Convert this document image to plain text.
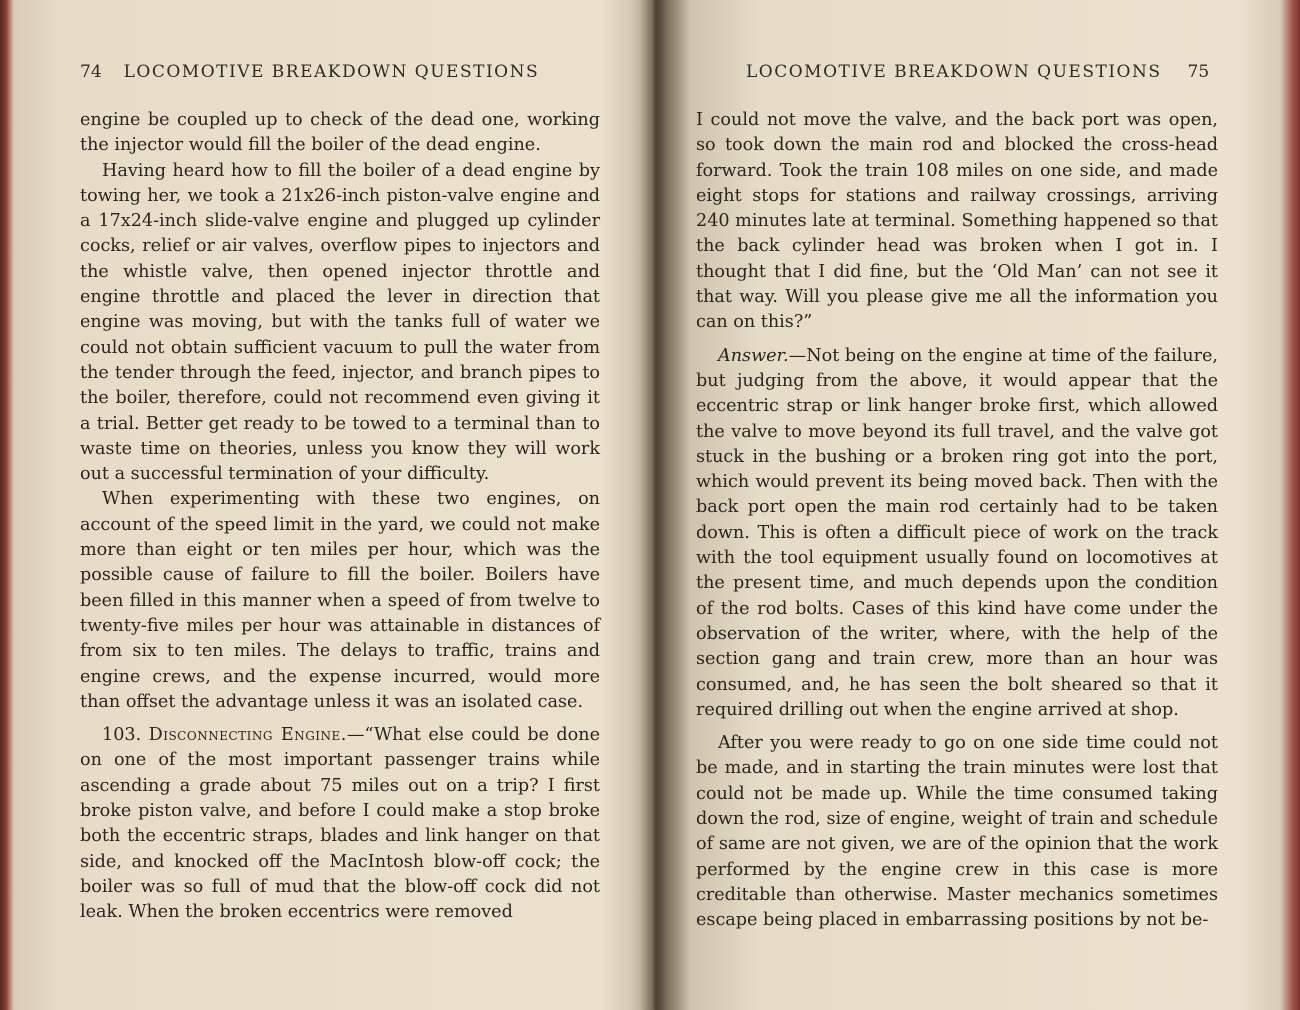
74 LOCOMOTIVE BREAKDOWN QUESTIONS

engine be coupled up to check of the dead one, working the injector would fill the boiler of the dead engine.

Having heard how to fill the boiler of a dead engine by towing her, we took a 21x26-inch piston-valve engine and a 17x24-inch slide-valve engine and plugged up cylinder cocks, relief or air valves, overflow pipes to injectors and the whistle valve, then opened injector throttle and engine throttle and placed the lever in direction that engine was moving, but with the tanks full of water we could not obtain sufficient vacuum to pull the water from the tender through the feed, injector, and branch pipes to the boiler, therefore, could not recommend even giving it a trial. Better get ready to be towed to a terminal than to waste time on theories, unless you know they will work out a successful termination of your difficulty.

When experimenting with these two engines, on account of the speed limit in the yard, we could not make more than eight or ten miles per hour, which was the possible cause of failure to fill the boiler. Boilers have been filled in this manner when a speed of from twelve to twenty-five miles per hour was attainable in distances of from six to ten miles. The delays to traffic, trains and engine crews, and the expense incurred, would more than offset the advantage unless it was an isolated case.

103. Disconnecting Engine.—“What else could be done on one of the most important passenger trains while ascending a grade about 75 miles out on a trip? I first broke piston valve, and before I could make a stop broke both the eccentric straps, blades and link hanger on that side, and knocked off the MacIntosh blow-off cock; the boiler was so full of mud that the blow-off cock did not leak. When the broken eccentrics were removed

LOCOMOTIVE BREAKDOWN QUESTIONS 75

I could not move the valve, and the back port was open, so took down the main rod and blocked the cross-head forward. Took the train 108 miles on one side, and made eight stops for stations and railway crossings, arriving 240 minutes late at terminal. Something happened so that the back cylinder head was broken when I got in. I thought that I did fine, but the ‘Old Man’ can not see it that way. Will you please give me all the information you can on this?”

Answer.—Not being on the engine at time of the failure, but judging from the above, it would appear that the eccentric strap or link hanger broke first, which allowed the valve to move beyond its full travel, and the valve got stuck in the bushing or a broken ring got into the port, which would prevent its being moved back. Then with the back port open the main rod certainly had to be taken down. This is often a difficult piece of work on the track with the tool equipment usually found on locomotives at the present time, and much depends upon the condition of the rod bolts. Cases of this kind have come under the observation of the writer, where, with the help of the section gang and train crew, more than an hour was consumed, and, he has seen the bolt sheared so that it required drilling out when the engine arrived at shop.

After you were ready to go on one side time could not be made, and in starting the train minutes were lost that could not be made up. While the time consumed taking down the rod, size of engine, weight of train and schedule of same are not given, we are of the opinion that the work performed by the engine crew in this case is more creditable than otherwise. Master mechanics sometimes escape being placed in embarrassing positions by not be-
